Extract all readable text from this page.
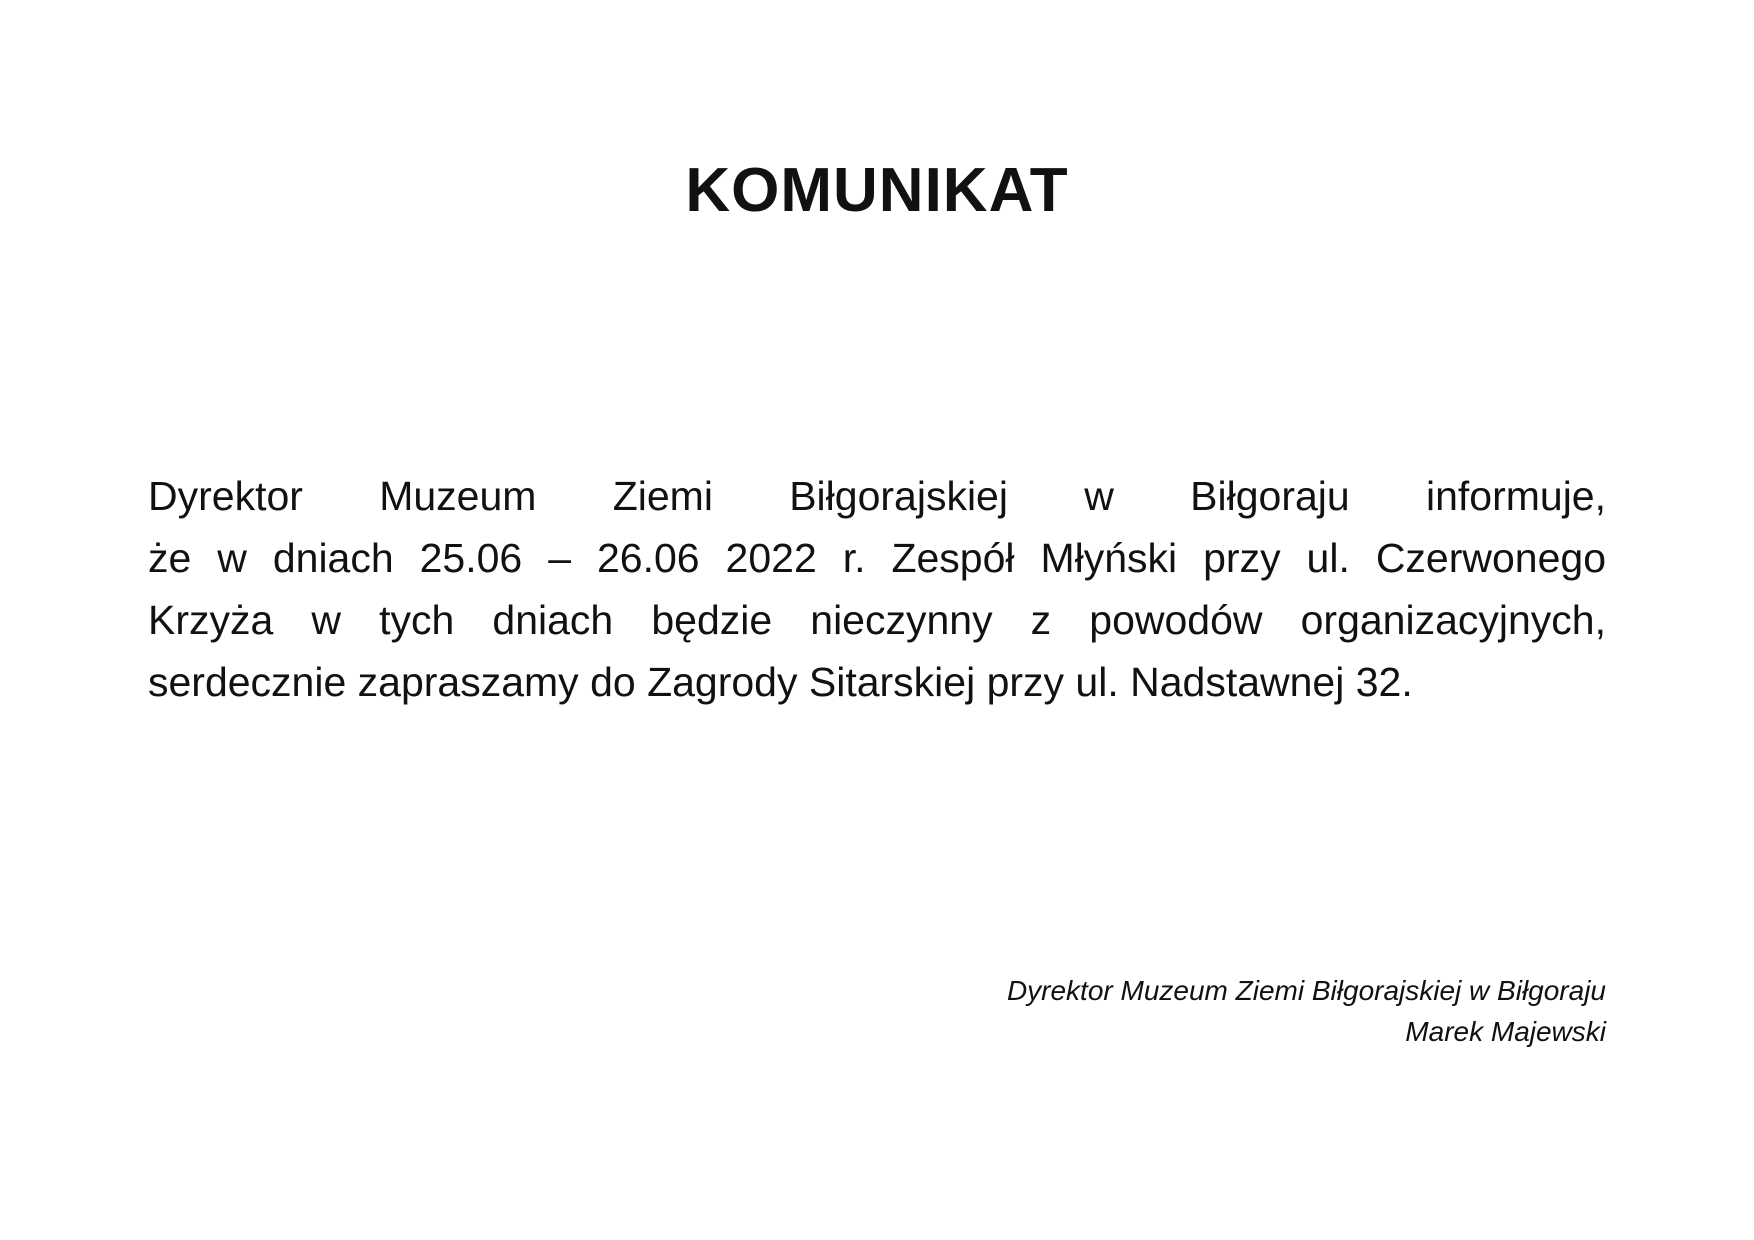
KOMUNIKAT

Dyrektor Muzeum Ziemi Biłgorajskiej w Biłgoraju informuje,
że w dniach 25.06 – 26.06 2022 r. Zespół Młyński przy ul. Czerwonego
Krzyża w tych dniach będzie nieczynny z powodów organizacyjnych,
serdecznie zapraszamy do Zagrody Sitarskiej przy ul. Nadstawnej 32.

Dyrektor Muzeum Ziemi Biłgorajskiej w Biłgoraju
Marek Majewski
